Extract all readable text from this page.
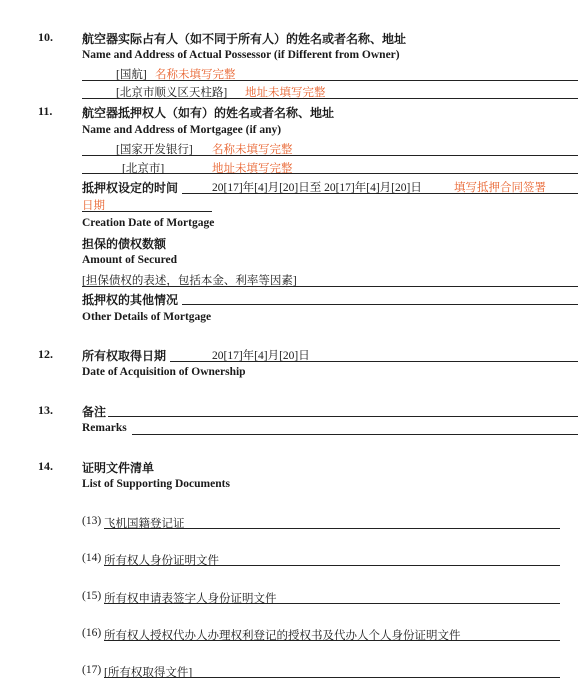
10. 航空器实际占有人（如不同于所有人）的姓名或者名称、地址
Name and Address of Actual Possessor (if Different from Owner)
[国航] 名称未填写完整
[北京市顺义区天柱路] 地址未填写完整
11. 航空器抵押权人（如有）的姓名或者名称、地址
Name and Address of Mortgagee (if any)
[国家开发银行] 名称未填写完整
[北京市]	地址未填写完整
抵押权设定的时间	20[17]年[4]月[20]日至 20[17]年[4]月[20]日	填写抵押合同签署
日期
Creation Date of Mortgage
担保的债权数额
Amount of Secured
[担保债权的表述，包括本金、利率等因素]
抵押权的其他情况
Other Details of Mortgage
12. 所有权取得日期	20[17]年[4]月[20]日
Date of Acquisition of Ownership
13. 备注
Remarks
14. 证明文件清单
List of Supporting Documents
(13) 飞机国籍登记证
(14) 所有权人身份证明文件
(15) 所有权申请表签字人身份证明文件
(16) 所有权人授权代办人办理权利登记的授权书及代办人个人身份证明文件
(17) [所有权取得文件]
